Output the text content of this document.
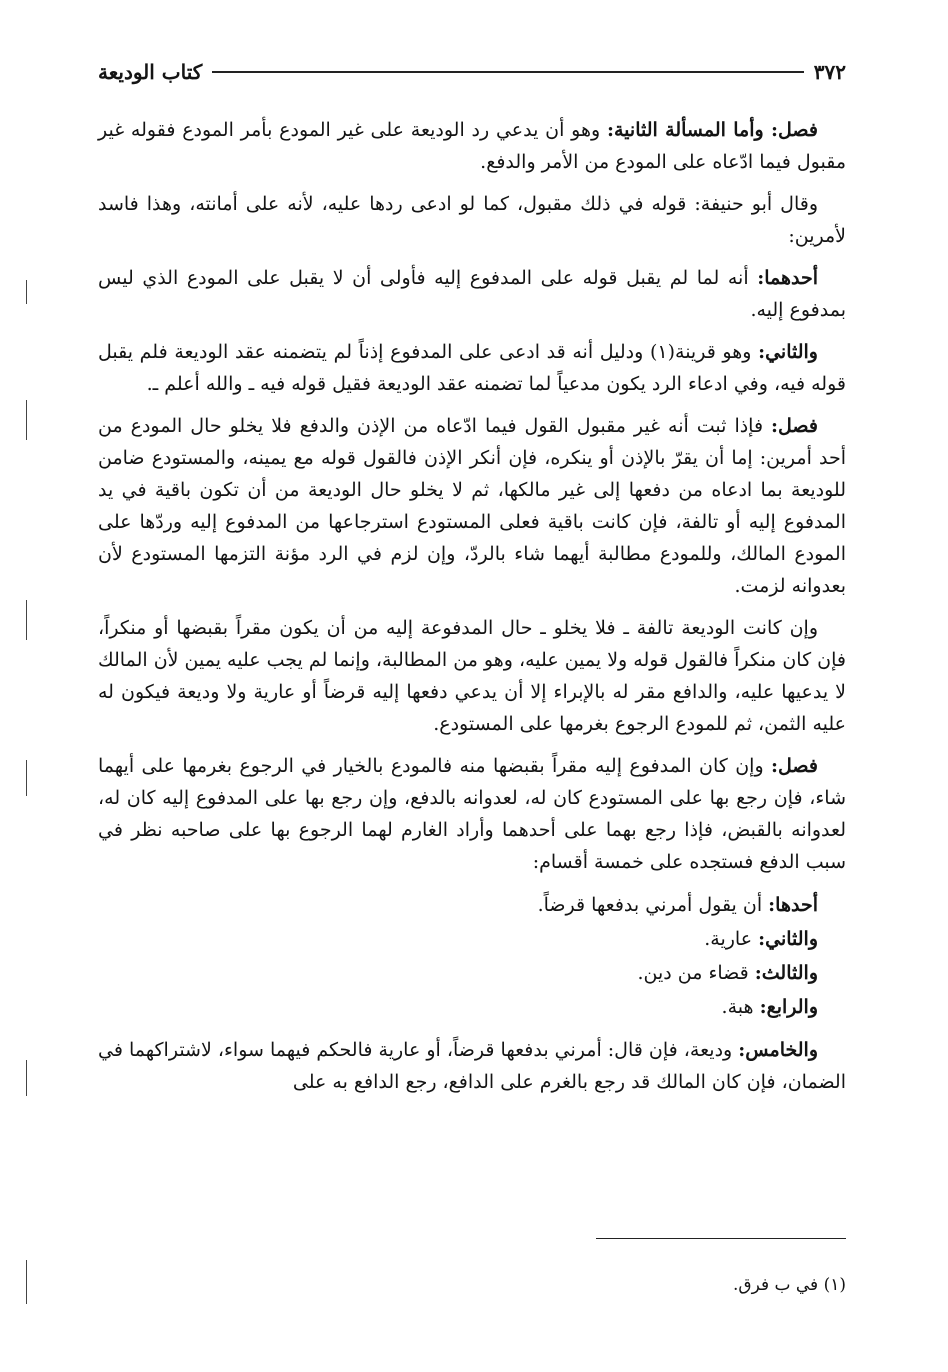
٣٧٢
كتاب الوديعة

فصل: وأما المسألة الثانية: وهو أن يدعي رد الوديعة على غير المودع بأمر المودع فقوله غير مقبول فيما ادّعاه على المودع من الأمر والدفع.

وقال أبو حنيفة: قوله في ذلك مقبول، كما لو ادعى ردها عليه، لأنه على أمانته، وهذا فاسد لأمرين:

أحدهما: أنه لما لم يقبل قوله على المدفوع إليه فأولى أن لا يقبل على المودع الذي ليس بمدفوع إليه.

والثاني: وهو قرينة(١) ودليل أنه قد ادعى على المدفوع إذناً لم يتضمنه عقد الوديعة فلم يقبل قوله فيه، وفي ادعاء الرد يكون مدعياً لما تضمنه عقد الوديعة فقيل قوله فيه ـ والله أعلم ـ.

فصل: فإذا ثبت أنه غير مقبول القول فيما ادّعاه من الإذن والدفع فلا يخلو حال المودع من أحد أمرين: إما أن يقرّ بالإذن أو ينكره، فإن أنكر الإذن فالقول قوله مع يمينه، والمستودع ضامن للوديعة بما ادعاه من دفعها إلى غير مالكها، ثم لا يخلو حال الوديعة من أن تكون باقية في يد المدفوع إليه أو تالفة، فإن كانت باقية فعلى المستودع استرجاعها من المدفوع إليه وردّها على المودع المالك، وللمودع مطالبة أيهما شاء بالردّ، وإن لزم في الرد مؤنة التزمها المستودع لأن بعدوانه لزمت.

وإن كانت الوديعة تالفة ـ فلا يخلو ـ حال المدفوعة إليه من أن يكون مقراً بقبضها أو منكراً، فإن كان منكراً فالقول قوله ولا يمين عليه، وهو من المطالبة، وإنما لم يجب عليه يمين لأن المالك لا يدعيها عليه، والدافع مقر له بالإبراء إلا أن يدعي دفعها إليه قرضاً أو عارية ولا وديعة فيكون له عليه الثمن، ثم للمودع الرجوع بغرمها على المستودع.

فصل: وإن كان المدفوع إليه مقراً بقبضها منه فالمودع بالخيار في الرجوع بغرمها على أيهما شاء، فإن رجع بها على المستودع كان له، لعدوانه بالدفع، وإن رجع بها على المدفوع إليه كان له، لعدوانه بالقبض، فإذا رجع بهما على أحدهما وأراد الغارم لهما الرجوع بها على صاحبه نظر في سبب الدفع فستجده على خمسة أقسام:

أحدها: أن يقول أمرني بدفعها قرضاً.

والثاني: عارية.

والثالث: قضاء من دين.

والرابع: هبة.

والخامس: وديعة، فإن قال: أمرني بدفعها قرضاً، أو عارية فالحكم فيهما سواء، لاشتراكهما في الضمان، فإن كان المالك قد رجع بالغرم على الدافع، رجع الدافع به على

(١) في ب فرق.
